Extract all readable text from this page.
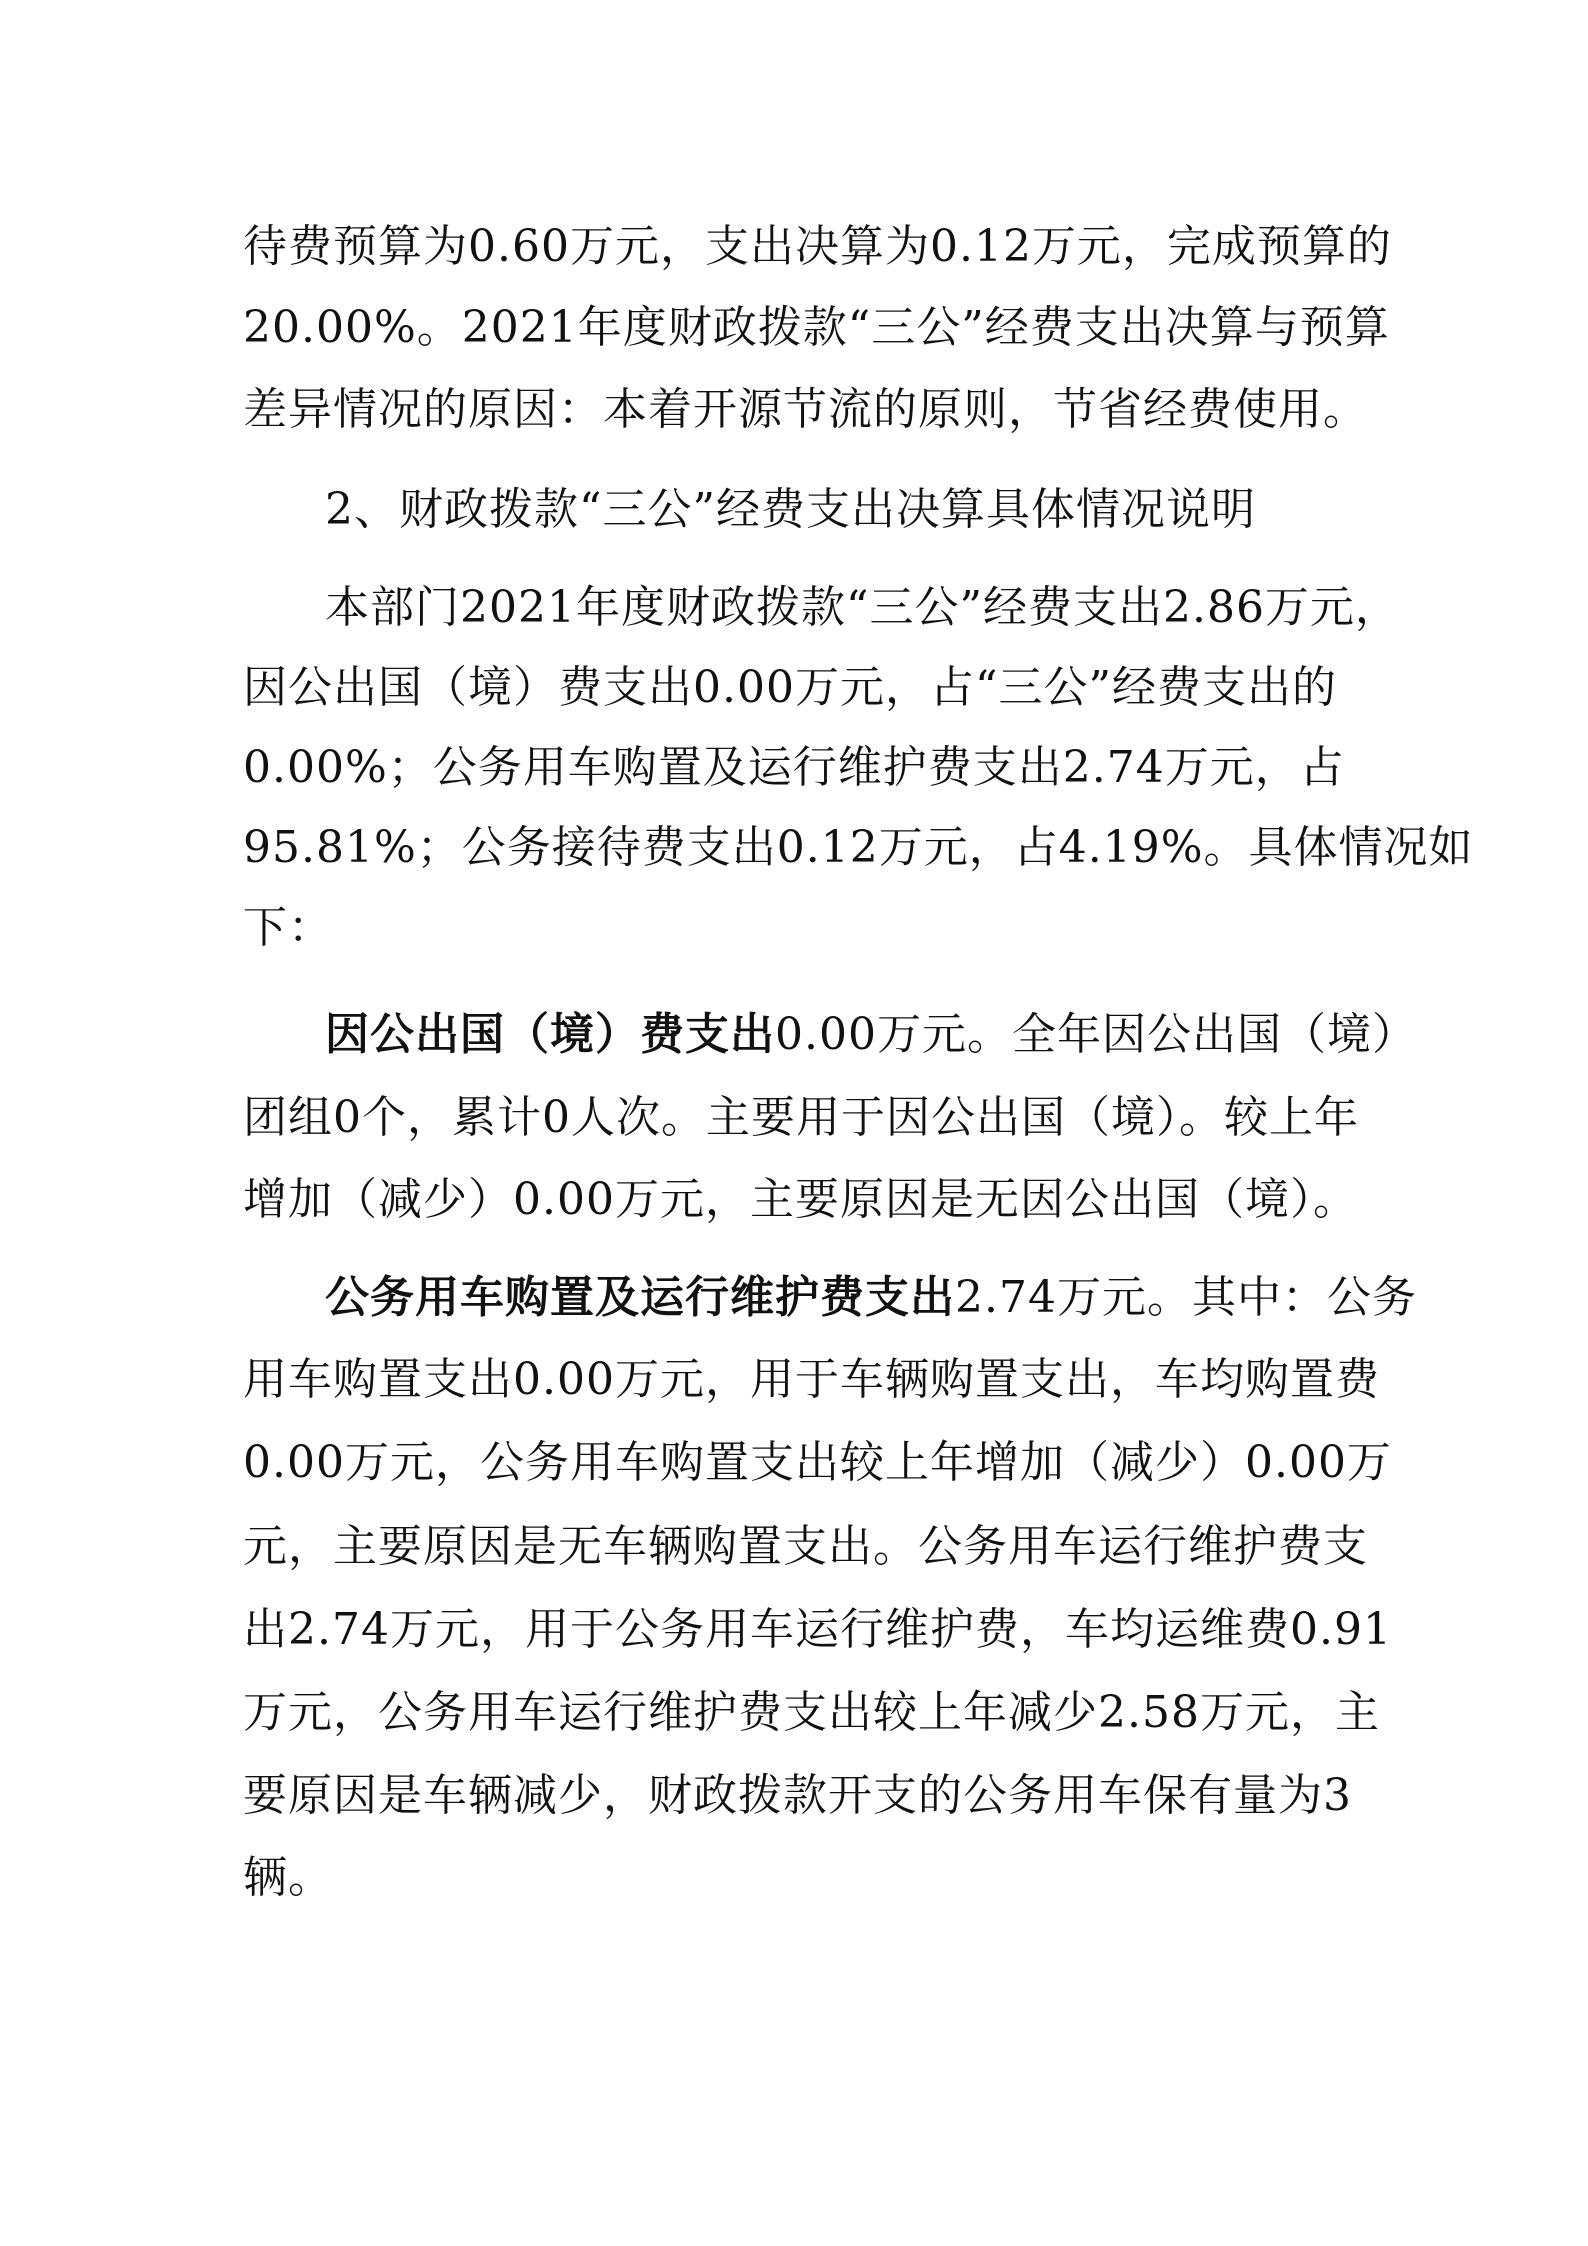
待费预算为0.60万元，支出决算为0.12万元，完成预算的
20.00%。2021年度财政拨款“三公”经费支出决算与预算
差异情况的原因：本着开源节流的原则，节省经费使用。
2、财政拨款“三公”经费支出决算具体情况说明
本部门2021年度财政拨款“三公”经费支出2.86万元，
因公出国（境）费支出0.00万元，占“三公”经费支出的
0.00%；公务用车购置及运行维护费支出2.74万元，占
95.81%；公务接待费支出0.12万元，占4.19%。具体情况如
下：
因公出国（境）费支出0.00万元。全年因公出国（境）
团组0个，累计0人次。主要用于因公出国（境）。较上年
增加（减少）0.00万元，主要原因是无因公出国（境）。
公务用车购置及运行维护费支出2.74万元。其中：公务
用车购置支出0.00万元，用于车辆购置支出，车均购置费
0.00万元，公务用车购置支出较上年增加（减少）0.00万
元，主要原因是无车辆购置支出。公务用车运行维护费支
出2.74万元，用于公务用车运行维护费，车均运维费0.91
万元，公务用车运行维护费支出较上年减少2.58万元，主
要原因是车辆减少，财政拨款开支的公务用车保有量为3
辆。
